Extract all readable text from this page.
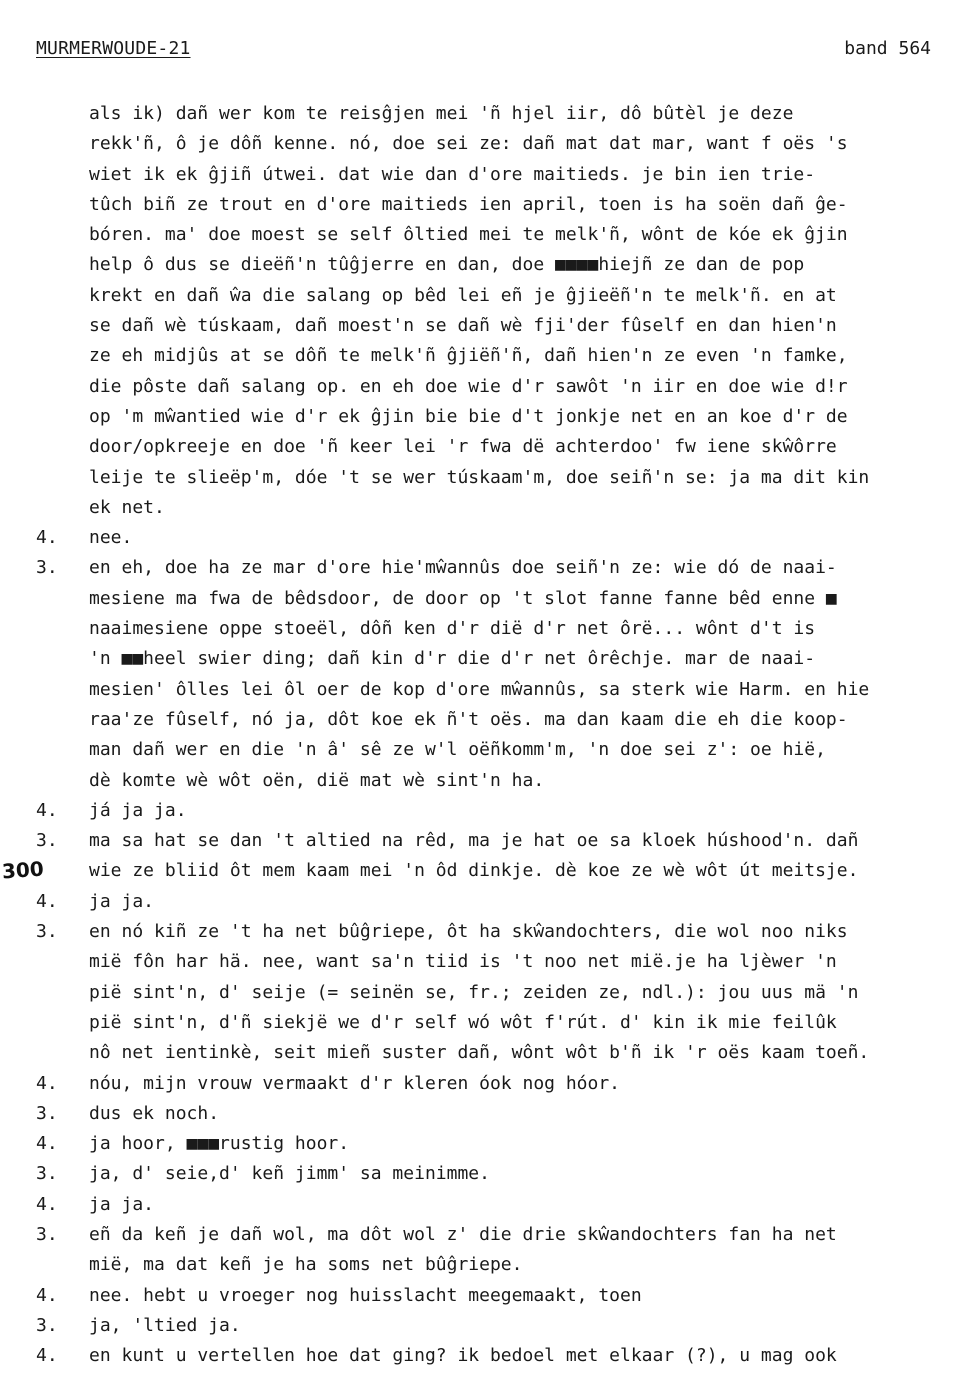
MURMERWOUDE-21	band 564
300
als ik) dañ wer kom te reisĝjen mei 'ñ hjel iir, dô bûtèl je deze
rekk'ñ, ô je dôñ kenne. nó, doe sei ze: dañ mat dat mar, want f oës 's
wiet ik ek ĝjiñ útwei. dat wie dan d'ore maitieds. je bin ien trie-
tûch biñ ze trout en d'ore maitieds ien april, toen is ha soën dañ ĝe-
bóren. ma' doe moest se self ôltied mei te melk'ñ, wônt de kóe ek ĝjin
help ô dus se dieëñ'n tûĝjerre en dan, doe ■■■■hiejñ ze dan de pop
krekt en dañ ŵa die salang op bêd lei eñ je ĝjieëñ'n te melk'ñ. en at
se dañ wè túskaam, dañ moest'n se dañ wè fji'der fûself en dan hien'n
ze eh midjûs at se dôñ te melk'ñ ĝjiëñ'ñ, dañ hien'n ze even 'n famke,
die pôste dañ salang op. en eh doe wie d'r sawôt 'n iir en doe wie d!r
op 'm mŵantied wie d'r ek ĝjin bie bie d't jonkje net en an koe d'r de
door/opkreeje en doe 'ñ keer lei 'r fwa dë achterdoo' fw iene skŵôrre
leije te slieëp'm, dóe 't se wer túskaam'm, doe seiñ'n se: ja ma dit kin
ek net.
4.	nee.
3.	en eh, doe ha ze mar d'ore hie'mŵannûs doe seiñ'n ze: wie dó de naai-
mesiene ma fwa de bêdsdoor, de door op 't slot fanne fanne bêd enne ■
naaimesiene oppe stoeël, dôñ ken d'r dië d'r net ôrë... wônt d't is
'n ■■heel swier ding; dañ kin d'r die d'r net ôrêchje. mar de naai-
mesien' ôlles lei ôl oer de kop d'ore mŵannûs, sa sterk wie Harm. en hie
raa'ze fûself, nó ja, dôt koe ek ñ't oës. ma dan kaam die eh die koop-
man dañ wer en die 'n â' sê ze w'l oëñkomm'm, 'n doe sei z': oe hië,
dè komte wè wôt oën, dië mat wè sint'n ha.
4.	já ja ja.
3.	ma sa hat se dan 't altied na rêd, ma je hat oe sa kloek húshood'n. dañ
wie ze bliid ôt mem kaam mei 'n ôd dinkje. dè koe ze wè wôt út meitsje.
4.	ja ja.
3.	en nó kiñ ze 't ha net bûĝriepe, ôt ha skŵandochters, die wol noo niks
mië fôn har hä. nee, want sa'n tiid is 't noo net mië.je ha ljèwer 'n
pië sint'n, d' seije (= seinën se, fr.; zeiden ze, ndl.): jou uus mä 'n
pië sint'n, d'ñ siekjë we d'r self wó wôt f'rút. d' kin ik mie feilûk
nô net ientinkè, seit mieñ suster dañ, wônt wôt b'ñ ik 'r oës kaam toeñ.
4.	nóu, mijn vrouw vermaakt d'r kleren óok nog hóor.
3.	dus ek noch.
4.	ja hoor, ■■■rustig hoor.
3.	ja, d' seie,d' keñ jimm' sa meinimme.
4.	ja ja.
3.	eñ da keñ je dañ wol, ma dôt wol z' die drie skŵandochters fan ha net
mië, ma dat keñ je ha soms net bûĝriepe.
4.	nee. hebt u vroeger nog huisslacht meegemaakt, toen
3.	ja, 'ltied ja.
4.	en kunt u vertellen hoe dat ging? ik bedoel met elkaar (?), u mag ook
